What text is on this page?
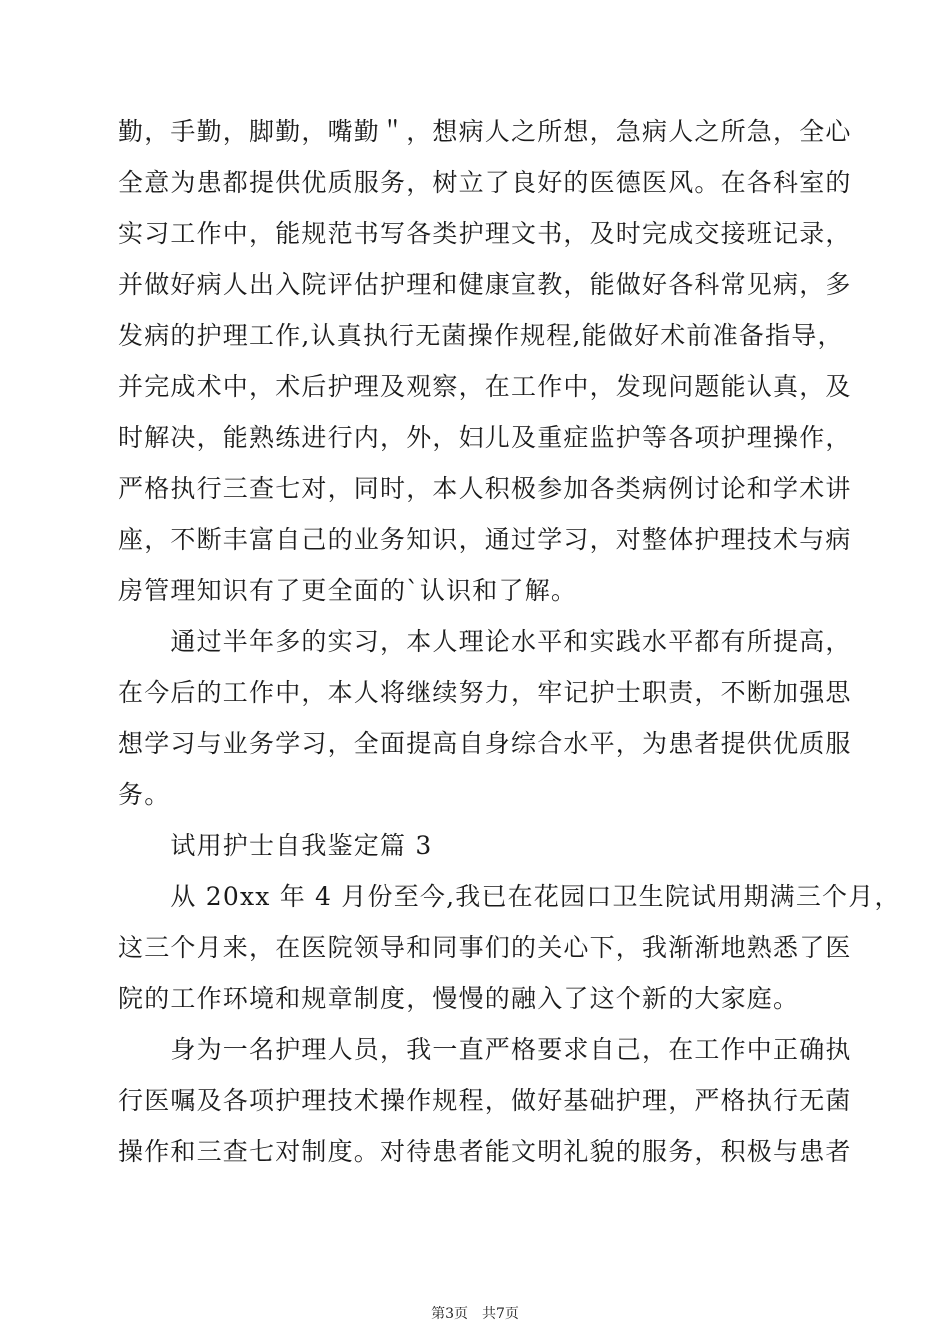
勤，手勤，脚勤，嘴勤＂，想病人之所想，急病人之所急，全心
全意为患都提供优质服务，树立了良好的医德医风。在各科室的
实习工作中，能规范书写各类护理文书，及时完成交接班记录，
并做好病人出入院评估护理和健康宣教，能做好各科常见病，多
发病的护理工作,认真执行无菌操作规程,能做好术前准备指导，
并完成术中，术后护理及观察，在工作中，发现问题能认真，及
时解决，能熟练进行内，外，妇儿及重症监护等各项护理操作，
严格执行三查七对，同时，本人积极参加各类病例讨论和学术讲
座，不断丰富自己的业务知识，通过学习，对整体护理技术与病
房管理知识有了更全面的`认识和了解。
　　通过半年多的实习，本人理论水平和实践水平都有所提高，
在今后的工作中，本人将继续努力，牢记护士职责，不断加强思
想学习与业务学习，全面提高自身综合水平，为患者提供优质服
务。
　　试用护士自我鉴定篇 3
　　从 20xx 年 4 月份至今,我已在花园口卫生院试用期满三个月，
这三个月来，在医院领导和同事们的关心下，我渐渐地熟悉了医
院的工作环境和规章制度，慢慢的融入了这个新的大家庭。
　　身为一名护理人员，我一直严格要求自己，在工作中正确执
行医嘱及各项护理技术操作规程，做好基础护理，严格执行无菌
操作和三查七对制度。对待患者能文明礼貌的服务，积极与患者
第3页 共7页
